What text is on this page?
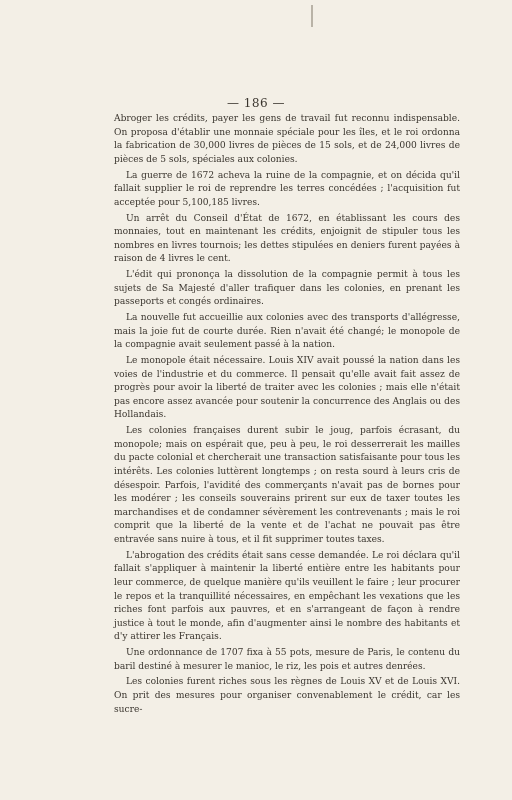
— 186 —

Abroger les crédits, payer les gens de travail fut reconnu indispensable. On proposa d'établir une monnaie spéciale pour les îles, et le roi ordonna la fabrication de 30,000 livres de pièces de 15 sols, et de 24,000 livres de pièces de 5 sols, spéciales aux colonies.

La guerre de 1672 acheva la ruine de la compagnie, et on décida qu'il fallait supplier le roi de reprendre les terres concédées ; l'acquisition fut acceptée pour 5,100,185 livres.

Un arrêt du Conseil d'État de 1672, en établissant les cours des monnaies, tout en maintenant les crédits, enjoignit de stipuler tous les nombres en livres tournois; les dettes stipulées en deniers furent payées à raison de 4 livres le cent.

L'édit qui prononça la dissolution de la compagnie permit à tous les sujets de Sa Majesté d'aller trafiquer dans les colonies, en prenant les passeports et congés ordinaires.

La nouvelle fut accueillie aux colonies avec des transports d'allégresse, mais la joie fut de courte durée. Rien n'avait été changé; le monopole de la compagnie avait seulement passé à la nation.

Le monopole était nécessaire. Louis XIV avait poussé la nation dans les voies de l'industrie et du commerce. Il pensait qu'elle avait fait assez de progrès pour avoir la liberté de traiter avec les colonies ; mais elle n'était pas encore assez avancée pour soutenir la concurrence des Anglais ou des Hollandais.

Les colonies françaises durent subir le joug, parfois écrasant, du monopole; mais on espérait que, peu à peu, le roi desserrerait les mailles du pacte colonial et chercherait une transaction satisfaisante pour tous les intérêts. Les colonies luttèrent longtemps ; on resta sourd à leurs cris de désespoir. Parfois, l'avidité des commerçants n'avait pas de bornes pour les modérer ; les conseils souverains prirent sur eux de taxer toutes les marchandises et de condamner sévèrement les contrevenants ; mais le roi comprit que la liberté de la vente et de l'achat ne pouvait pas être entravée sans nuire à tous, et il fit supprimer toutes taxes.

L'abrogation des crédits était sans cesse demandée. Le roi déclara qu'il fallait s'appliquer à maintenir la liberté entière entre les habitants pour leur commerce, de quelque manière qu'ils veuillent le faire ; leur procurer le repos et la tranquillité nécessaires, en empêchant les vexations que les riches font parfois aux pauvres, et en s'arrangeant de façon à rendre justice à tout le monde, afin d'augmenter ainsi le nombre des habitants et d'y attirer les Français.

Une ordonnance de 1707 fixa à 55 pots, mesure de Paris, le contenu du baril destiné à mesurer le manioc, le riz, les pois et autres denrées.

Les colonies furent riches sous les règnes de Louis XV et de Louis XVI. On prit des mesures pour organiser convenablement le crédit, car les sucre-
